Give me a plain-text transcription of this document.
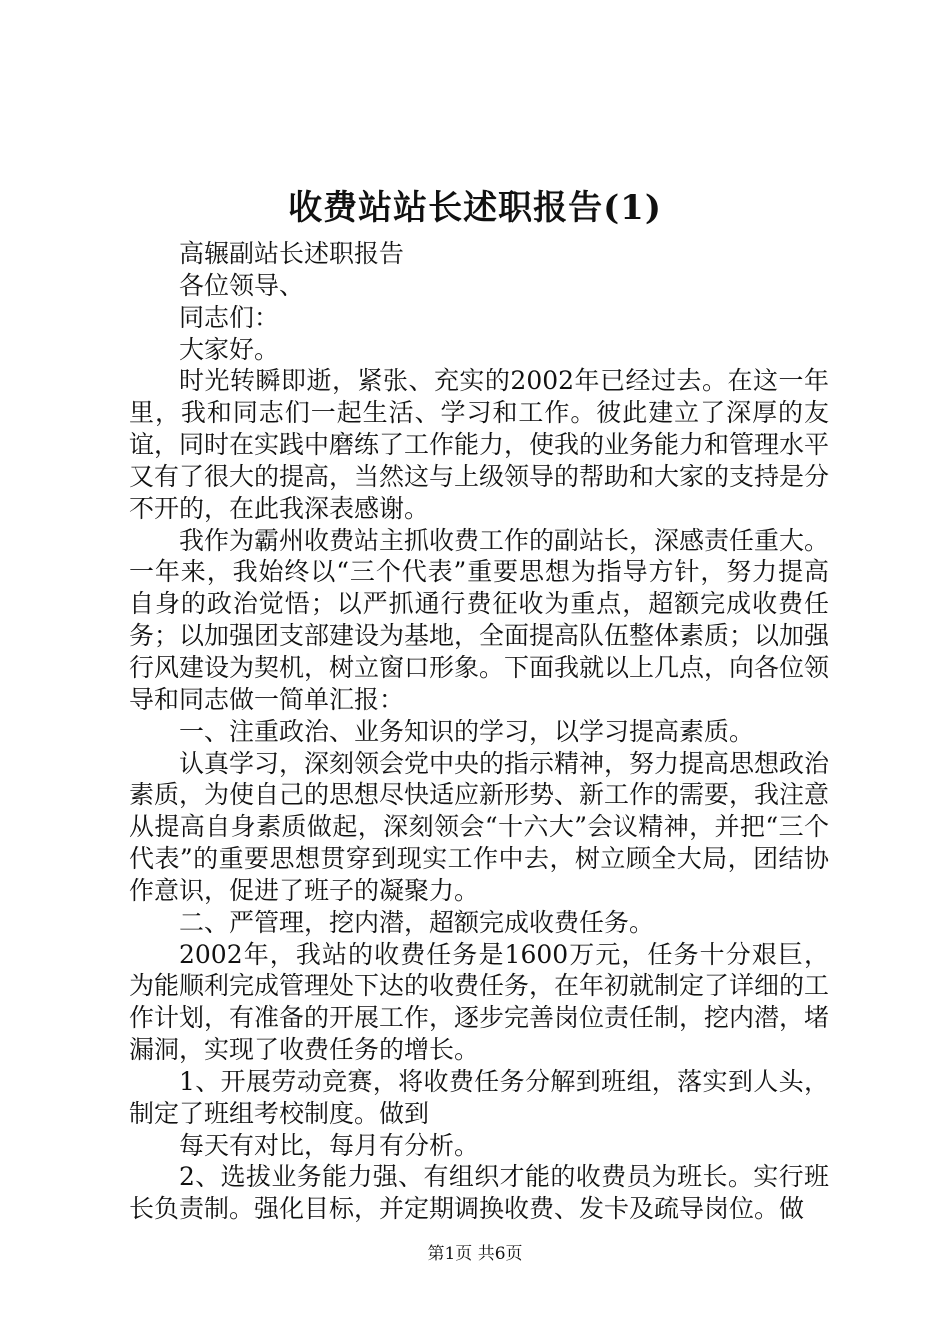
收费站站长述职报告(1)

高辗副站长述职报告

各位领导、

同志们：

大家好。

时光转瞬即逝，紧张、充实的2002年已经过去。在这一年里，我和同志们一起生活、学习和工作。彼此建立了深厚的友谊，同时在实践中磨练了工作能力，使我的业务能力和管理水平又有了很大的提高，当然这与上级领导的帮助和大家的支持是分不开的，在此我深表感谢。

我作为霸州收费站主抓收费工作的副站长，深感责任重大。一年来，我始终以“三个代表”重要思想为指导方针，努力提高自身的政治觉悟；以严抓通行费征收为重点，超额完成收费任务；以加强团支部建设为基地，全面提高队伍整体素质；以加强行风建设为契机，树立窗口形象。下面我就以上几点，向各位领导和同志做一简单汇报：

一、注重政治、业务知识的学习，以学习提高素质。

认真学习，深刻领会党中央的指示精神，努力提高思想政治素质，为使自己的思想尽快适应新形势、新工作的需要，我注意从提高自身素质做起，深刻领会“十六大”会议精神，并把“三个代表”的重要思想贯穿到现实工作中去，树立顾全大局，团结协作意识，促进了班子的凝聚力。

二、严管理，挖内潜，超额完成收费任务。

2002年，我站的收费任务是1600万元，任务十分艰巨，为能顺利完成管理处下达的收费任务，在年初就制定了详细的工作计划，有准备的开展工作，逐步完善岗位责任制，挖内潜，堵漏洞，实现了收费任务的增长。

1、开展劳动竞赛，将收费任务分解到班组，落实到人头，制定了班组考校制度。做到

每天有对比，每月有分析。

2、选拔业务能力强、有组织才能的收费员为班长。实行班长负责制。强化目标，并定期调换收费、发卡及疏导岗位。做

第1页 共6页
